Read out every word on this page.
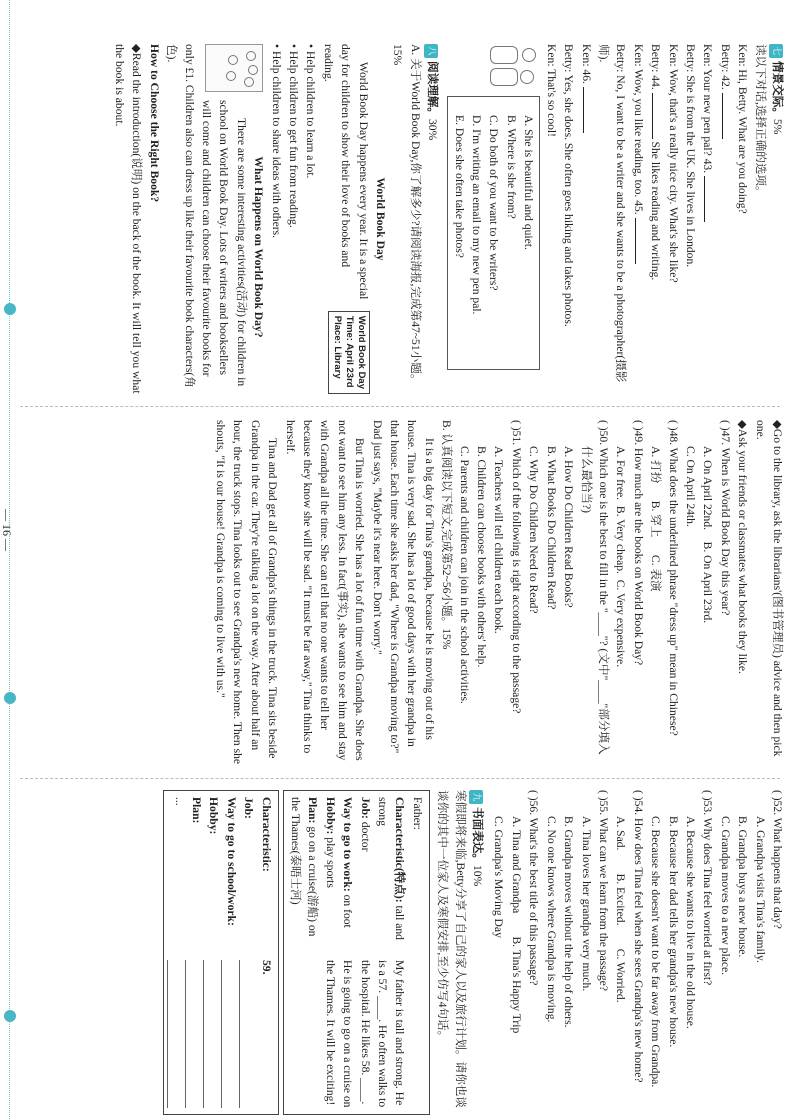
七情景交际。5%

读以下对话,选择正确的选项。

Ken: Hi, Betty. What are you doing?

Betty: 42.

Ken: Your new pen pal? 43.

Betty: She is from the UK. She lives in London.

Ken: Wow, that's a really nice city. What's she like?

Betty: 44.  She likes reading and writing.

Ken: Wow, you like reading, too. 45.

Betty: No, I want to be a writer and she wants to be a photographer(摄影师).

Ken: 46.

Betty: Yes, she does. She often goes hiking and takes photos.

Ken: That's so cool!

A. She is beautiful and quiet.

B. Where is she from?

C. Do both of you want to be writers?

D. I'm writing an email to my new pen pal.

E. Does she often take photos?

八阅读理解。30%

A. 关于World Book Day,你了解多少?请阅读海报,完成第47~51小题。15%

World Book Day

World Book Day
Time: April 23rd
Place: Library

World Book Day happens every year. It is a special day for children to show their love of books and reading.

• Help children to learn a lot.

• Help children to get fun from reading.

• Help children to share ideas with others.

What Happens on World Book Day?

There are some interesting activities(活动) for children in school on World Book Day. Lots of writers and booksellers will come and children can choose their favourite books for only £1. Children also can dress up like their favourite book characters(角色).

How to Choose the Right Book?

◆Read the introduction(说明) on the back of the book. It will tell you what the book is about.

◆Go to the library, ask the librarians'(图书管理员) advice and then pick one.

◆Ask your friends or classmates what books they like.

( )47. When is World Book Day this year?

A. On April 22nd.    B. On April 23rd.

C. On April 24th.

( )48. What does the underlined phrase "dress up" mean in Chinese?

A. 打扮      B. 穿上      C. 表演

( )49. How much are the books on World Book Day?

A. For free.  B. Very cheap.  C. Very expensive.

( )50. Which one is the best to fill in the "____"? (文中"____"部分填入什么最恰当?)

A. How Do Children Read Books?

B. What Books Do Children Read?

C. Why Do Children Need to Read?

( )51. Which of the following is right according to the passage?

A. Teachers will tell children each book.

B. Children can choose books with others' help.

C. Parents and children can join in the school activities.

B. 认真阅读以下短文,完成第52~56小题。15%

It is a big day for Tina's grandpa, because he is moving out of his house. Tina is very sad. She has a lot of good days with her grandpa in that house. Each time she asks her dad, "Where is Grandpa moving to?" Dad just says, "Maybe it's near here. Don't worry."

But Tina is worried. She has a lot of fun time with Grandpa. She does not want to see him any less. In fact(事实), she wants to see him and stay with Grandpa all the time. She can tell that no one wants to tell her because they know she will be sad. "It must be far away," Tina thinks to herself.

Tina and Dad get all of Grandpa's things in the truck. Tina sits beside Grandpa in the car. They're talking a lot on the way. After about half an hour, the truck stops. Tina looks out to see Grandpa's new home. Then she shouts, "It is our house! Grandpa is coming to live with us."

( )52. What happens that day?

A. Grandpa visits Tina's family.

B. Grandpa buys a new house.

C. Grandpa moves to a new place.

( )53. Why does Tina feel worried at first?

A. Because she wants to live in the old house.

B. Because her dad tells her grandpa's new house.

C. Because she doesn't want to be far away from Grandpa.

( )54. How does Tina feel when she sees Grandpa's new home?

A. Sad.        B. Excited.        C. Worried.

( )55. What can we learn from the passage?

A. Tina loves her grandpa very much.

B. Grandpa moves without the help of others.

C. No one knows where Grandpa is moving.

( )56. What's the best title of this passage?

A. Tina and Grandpa        B. Tina's Happy Trip

C. Grandpa's Moving Day

九书面表达。10%

寒假即将来临,Betty分享了自己的家人以及旅行计划。请你也谈谈你的其中一位家人及寒假安排,至少仿写4句话。

Father:

Characteristic(特点): tall and strong

Job: doctor

Way to go to work: on foot

Hobby: play sports

Plan: go on a cruise(游船) on the Thames(泰晤士河)

My father is tall and strong. He is a 57. ____. He often walks to the hospital. He likes 58. ____. He is going to go on a cruise on the Thames. It will be exciting!

Characteristic:

Job:

Way to go to school/work:

Hobby:

Plan:

...

59.

— 16 —
